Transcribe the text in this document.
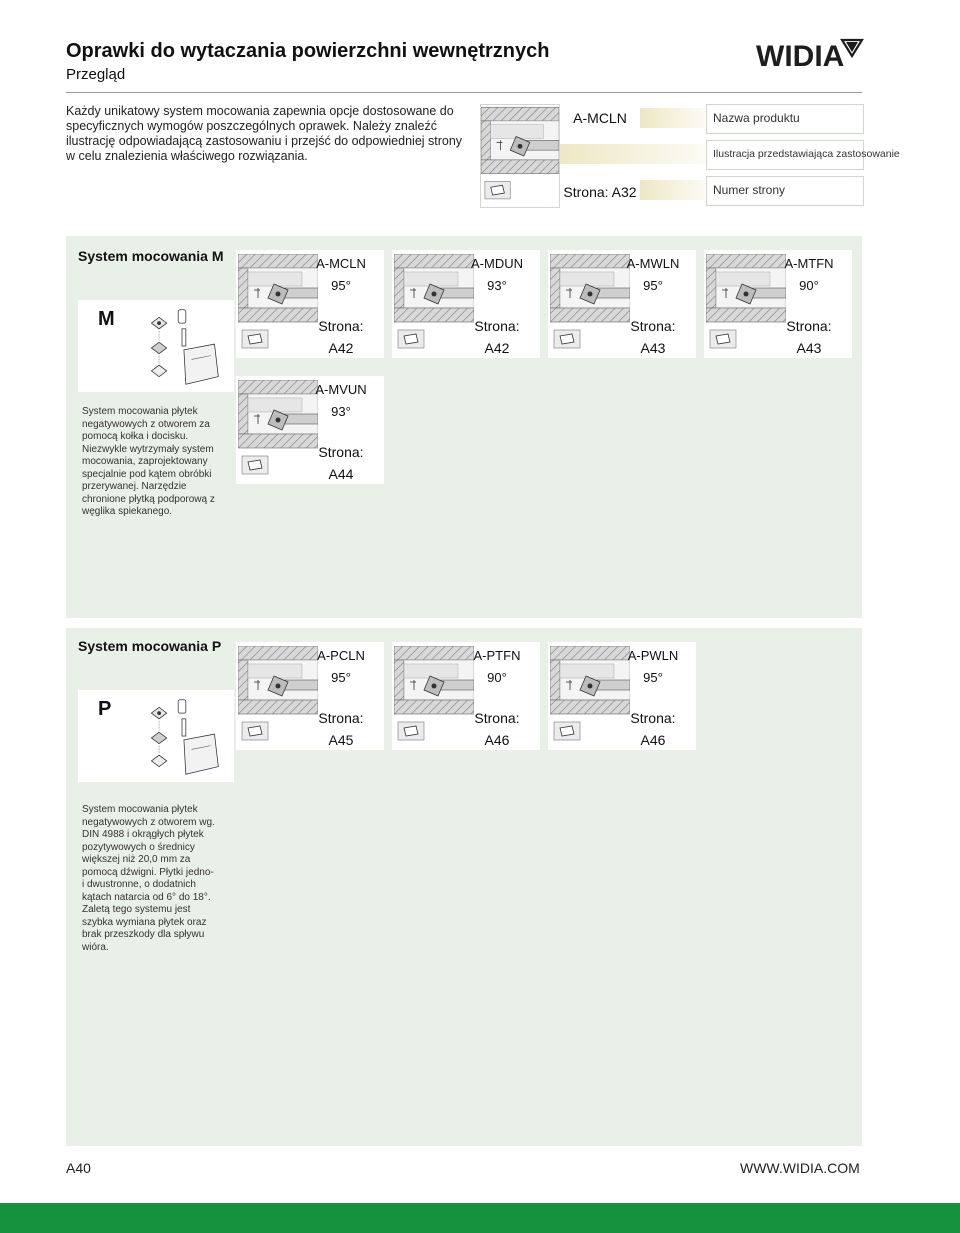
Oprawki do wytaczania powierzchni wewnętrznych
Przegląd
WIDIA
Każdy unikatowy system mocowania zapewnia opcje dostosowane do specyficznych wymogów poszczególnych oprawek. Należy znaleźć ilustrację odpowiadającą zastosowaniu i przejść do odpowiedniej strony w celu znalezienia właściwego rozwiązania.
A-MCLN
Strona: A32
Nazwa produktu
Ilustracja przedstawiająca zastosowanie
Numer strony
System mocowania M
M
System mocowania płytek negatywowych z otworem za pomocą kołka i docisku. Niezwykle wytrzymały system mocowania, zaprojektowany specjalnie pod kątem obróbki przerywanej. Narzędzie chronione płytką podporową z węglika spiekanego.
A-MCLN
95°
Strona:
A42
A-MDUN
93°
Strona:
A42
A-MWLN
95°
Strona:
A43
A-MTFN
90°
Strona:
A43
A-MVUN
93°
Strona:
A44
System mocowania P
P
System mocowania płytek negatywowych z otworem wg. DIN 4988 i okrągłych płytek pozytywowych o średnicy większej niż 20,0 mm za pomocą dźwigni. Płytki jedno- i dwustronne, o dodatnich kątach natarcia od 6° do 18°. Zaletą tego systemu jest szybka wymiana płytek oraz brak przeszkody dla spływu wióra.
A-PCLN
95°
Strona:
A45
A-PTFN
90°
Strona:
A46
A-PWLN
95°
Strona:
A46
A40	WWW.WIDIA.COM
